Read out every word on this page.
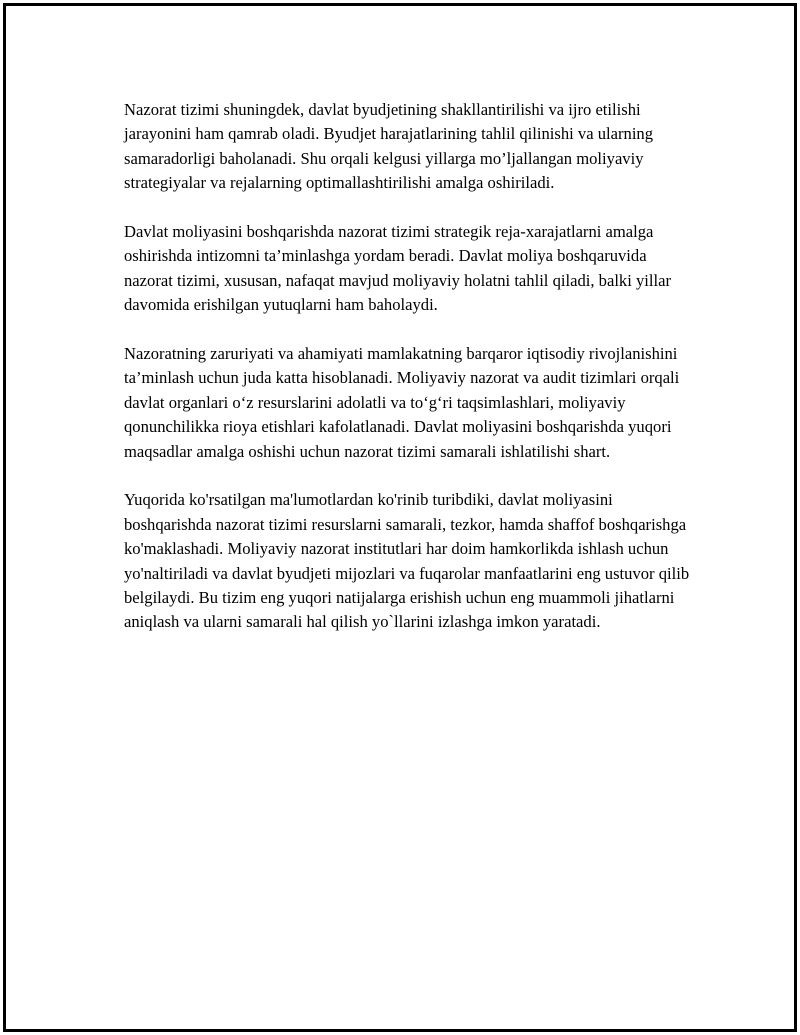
Nazorat tizimi shuningdek, davlat byudjetining shakllantirilishi va ijro etilishi jarayonini ham qamrab oladi. Byudjet harajatlarining tahlil qilinishi va ularning samaradorligi baholanadi. Shu orqali kelgusi yillarga mo’ljallangan moliyaviy strategiyalar va rejalarning optimallashtirilishi amalga oshiriladi.

Davlat moliyasini boshqarishda nazorat tizimi strategik reja-xarajatlarni amalga oshirishda intizomni ta’minlashga yordam beradi. Davlat moliya boshqaruvida nazorat tizimi, xususan, nafaqat mavjud moliyaviy holatni tahlil qiladi, balki yillar davomida erishilgan yutuqlarni ham baholaydi.

Nazoratning zaruriyati va ahamiyati mamlakatning barqaror iqtisodiy rivojlanishini ta’minlash uchun juda katta hisoblanadi. Moliyaviy nazorat va audit tizimlari orqali davlat organlari oʻz resurslarini adolatli va toʻgʻri taqsimlashlari, moliyaviy qonunchilikka rioya etishlari kafolatlanadi. Davlat moliyasini boshqarishda yuqori maqsadlar amalga oshishi uchun nazorat tizimi samarali ishlatilishi shart.

Yuqorida ko'rsatilgan ma'lumotlardan ko'rinib turibdiki, davlat moliyasini boshqarishda nazorat tizimi resurslarni samarali, tezkor, hamda shaffof boshqarishga ko'maklashadi. Moliyaviy nazorat institutlari har doim hamkorlikda ishlash uchun yo'naltiriladi va davlat byudjeti mijozlari va fuqarolar manfaatlarini eng ustuvor qilib belgilaydi. Bu tizim eng yuqori natijalarga erishish uchun eng muammoli jihatlarni aniqlash va ularni samarali hal qilish yo`llarini izlashga imkon yaratadi.
